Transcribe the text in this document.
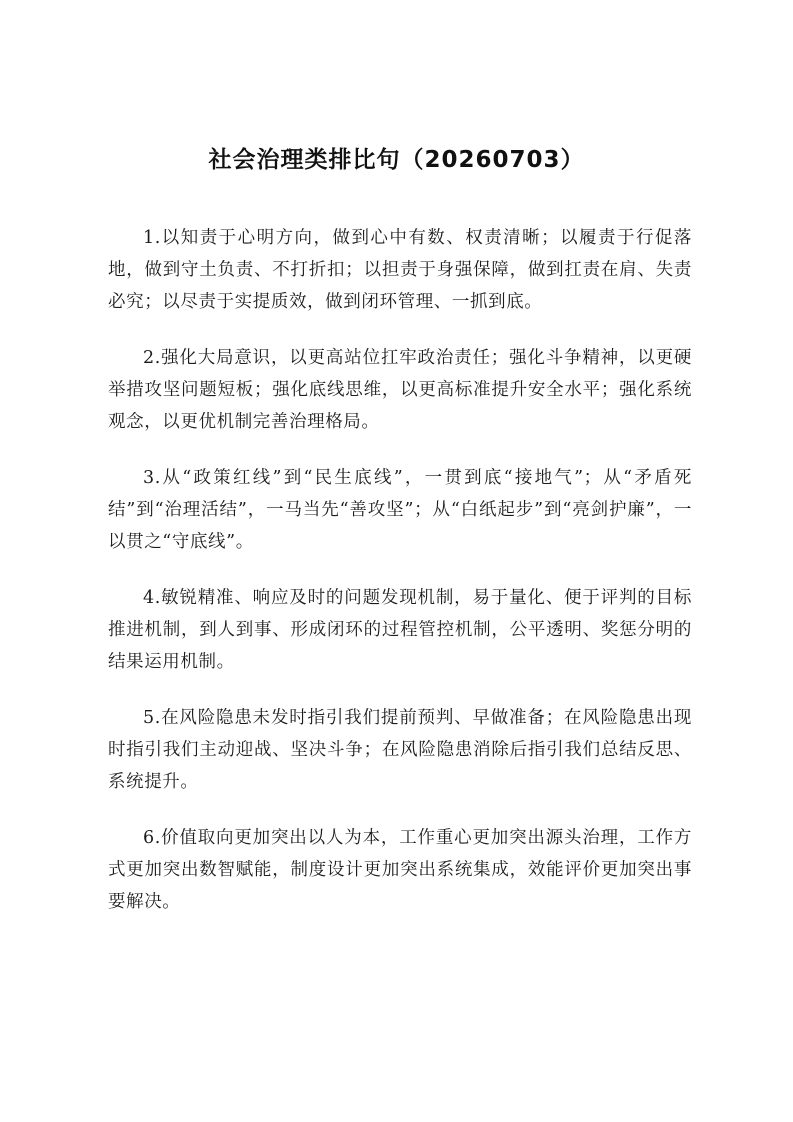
社会治理类排比句（20260703）

1.以知责于心明方向，做到心中有数、权责清晰；以履责于行促落地，做到守土负责、不打折扣；以担责于身强保障，做到扛责在肩、失责必究；以尽责于实提质效，做到闭环管理、一抓到底。

2.强化大局意识，以更高站位扛牢政治责任；强化斗争精神，以更硬举措攻坚问题短板；强化底线思维，以更高标准提升安全水平；强化系统观念，以更优机制完善治理格局。

3.从“政策红线”到“民生底线”，一贯到底“接地气”；从“矛盾死结”到“治理活结”，一马当先“善攻坚”；从“白纸起步”到“亮剑护廉”，一以贯之“守底线”。

4.敏锐精准、响应及时的问题发现机制，易于量化、便于评判的目标推进机制，到人到事、形成闭环的过程管控机制，公平透明、奖惩分明的结果运用机制。

5.在风险隐患未发时指引我们提前预判、早做准备；在风险隐患出现时指引我们主动迎战、坚决斗争；在风险隐患消除后指引我们总结反思、系统提升。

6.价值取向更加突出以人为本，工作重心更加突出源头治理，工作方式更加突出数智赋能，制度设计更加突出系统集成，效能评价更加突出事要解决。
